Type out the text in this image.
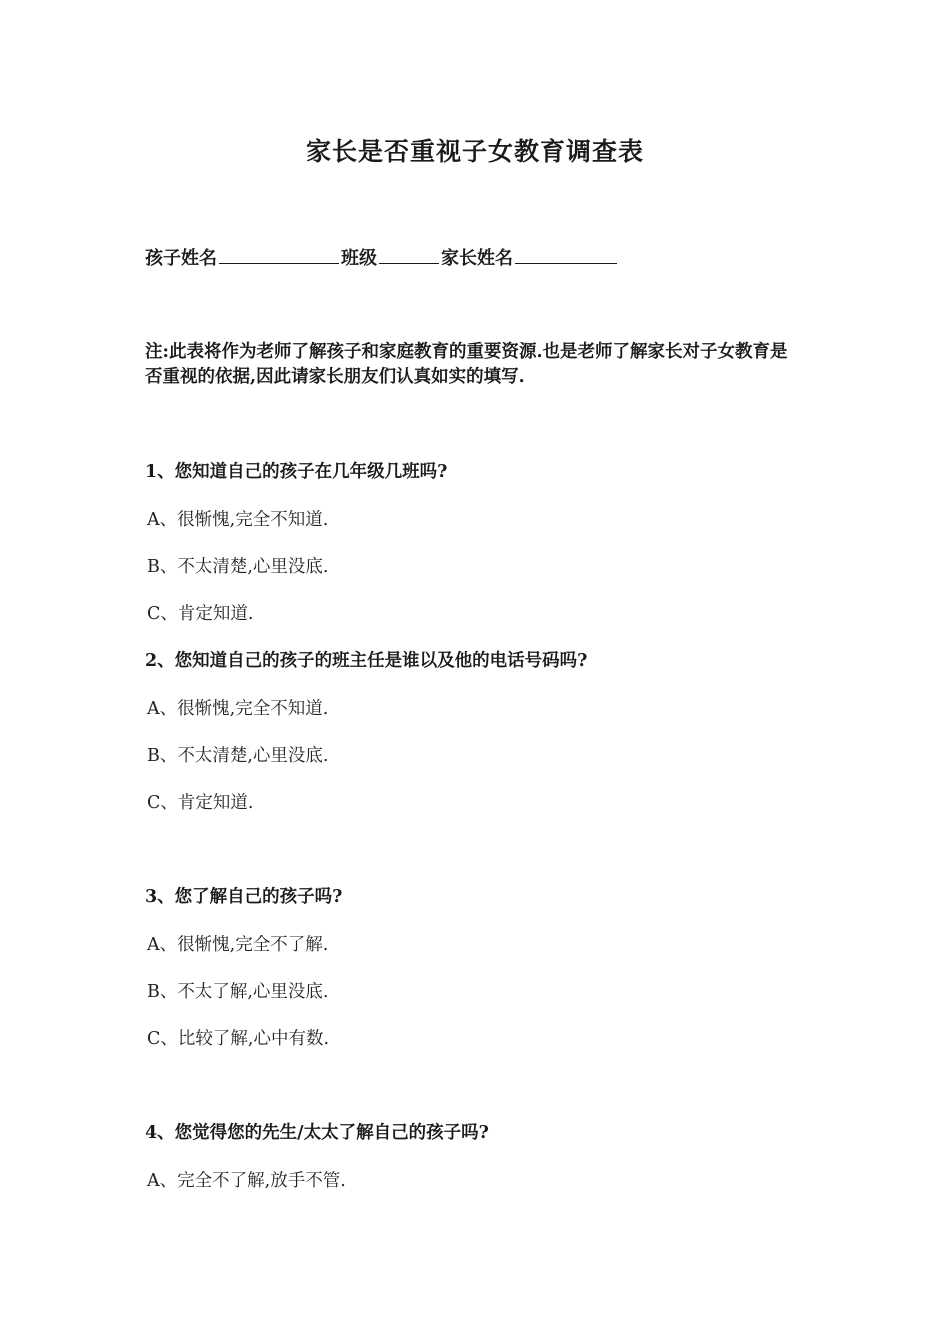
家长是否重视子女教育调查表
孩子姓名	班级	家长姓名
注:此表将作为老师了解孩子和家庭教育的重要资源.也是老师了解家长对子女教育是否重视的依据,因此请家长朋友们认真如实的填写.
1、您知道自己的孩子在几年级几班吗?
A、很惭愧,完全不知道.
B、不太清楚,心里没底.
C、肯定知道.
2、您知道自己的孩子的班主任是谁以及他的电话号码吗?
A、很惭愧,完全不知道.
B、不太清楚,心里没底.
C、肯定知道.
3、您了解自己的孩子吗?
A、很惭愧,完全不了解.
B、不太了解,心里没底.
C、比较了解,心中有数.
4、您觉得您的先生/太太了解自己的孩子吗?
A、完全不了解,放手不管.
